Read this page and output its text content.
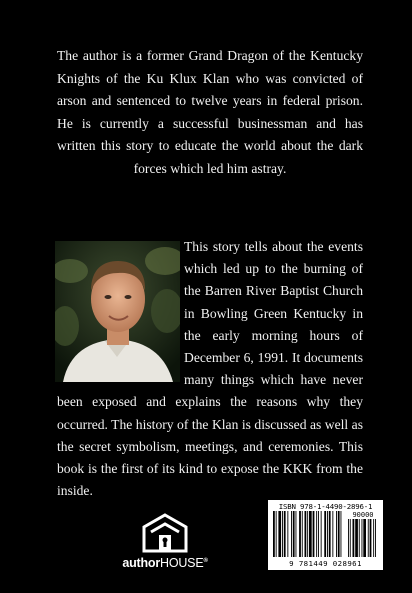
The author is a former Grand Dragon of the Kentucky Knights of the Ku Klux Klan who was convicted of arson and sentenced to twelve years in federal prison. He is currently a successful businessman and has written this story to educate the world about the dark forces which led him astray.

This story tells about the events which led up to the burning of the Barren River Baptist Church in Bowling Green Kentucky in the early morning hours of December 6, 1991. It documents many things which have never been exposed and explains the reasons why they occurred. The history of the Klan is discussed as well as the secret symbolism, meetings, and ceremonies. This book is the first of its kind to expose the KKK from the inside.

authorHOUSE®
ISBN 978-1-4490-2896-1
90000
9 781449 028961
